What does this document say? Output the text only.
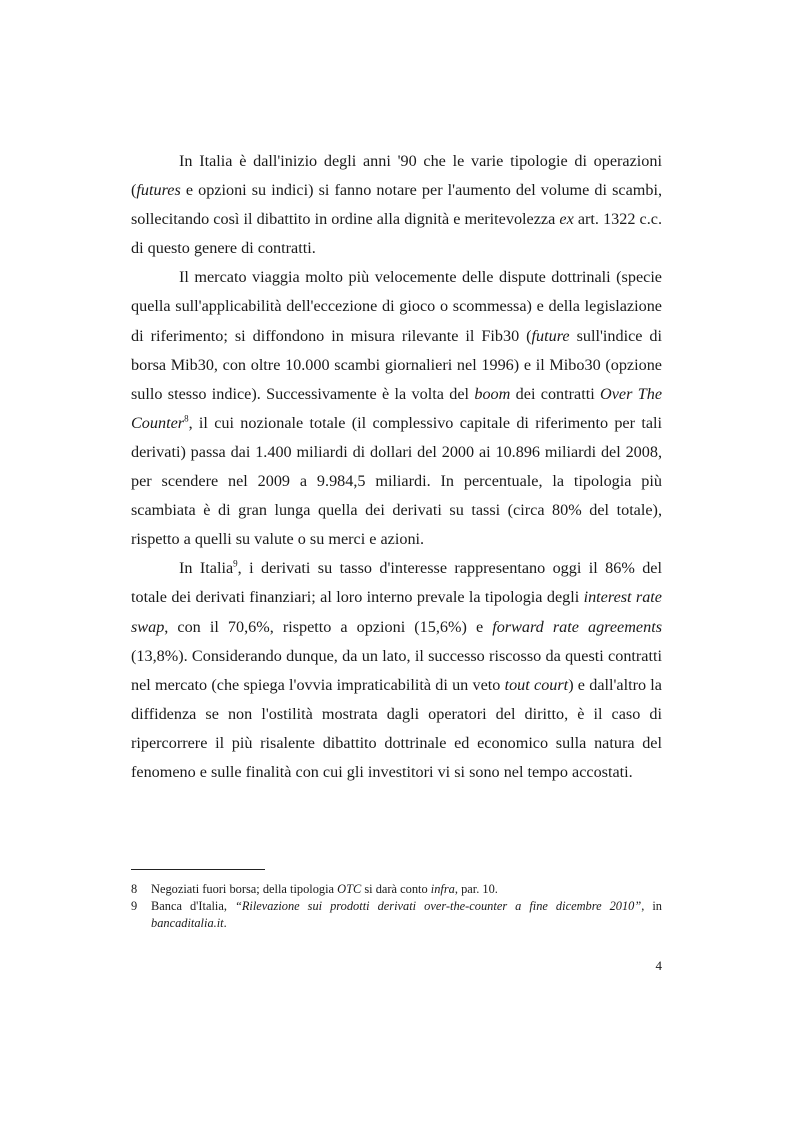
In Italia è dall'inizio degli anni '90 che le varie tipologie di operazioni (futures e opzioni su indici) si fanno notare per l'aumento del volume di scambi, sollecitando così il dibattito in ordine alla dignità e meritevolezza ex art. 1322 c.c. di questo genere di contratti.

Il mercato viaggia molto più velocemente delle dispute dottrinali (specie quella sull'applicabilità dell'eccezione di gioco o scommessa) e della legislazione di riferimento; si diffondono in misura rilevante il Fib30 (future sull'indice di borsa Mib30, con oltre 10.000 scambi giornalieri nel 1996) e il Mibo30 (opzione sullo stesso indice). Successivamente è la volta del boom dei contratti Over The Counter$^8$, il cui nozionale totale (il complessivo capitale di riferimento per tali derivati) passa dai 1.400 miliardi di dollari del 2000 ai 10.896 miliardi del 2008, per scendere nel 2009 a 9.984,5 miliardi. In percentuale, la tipologia più scambiata è di gran lunga quella dei derivati su tassi (circa 80% del totale), rispetto a quelli su valute o su merci e azioni.

In Italia$^9$, i derivati su tasso d'interesse rappresentano oggi il 86% del totale dei derivati finanziari; al loro interno prevale la tipologia degli interest rate swap, con il 70,6%, rispetto a opzioni (15,6%) e forward rate agreements (13,8%). Considerando dunque, da un lato, il successo riscosso da questi contratti nel mercato (che spiega l'ovvia impraticabilità di un veto tout court) e dall'altro la diffidenza se non l'ostilità mostrata dagli operatori del diritto, è il caso di ripercorrere il più risalente dibattito dottrinale ed economico sulla natura del fenomeno e sulle finalità con cui gli investitori vi si sono nel tempo accostati.

8	Negoziati fuori borsa; della tipologia OTC si darà conto infra, par. 10.
9	Banca d'Italia, “Rilevazione sui prodotti derivati over-the-counter a fine dicembre 2010”, in bancaditalia.it.
4
